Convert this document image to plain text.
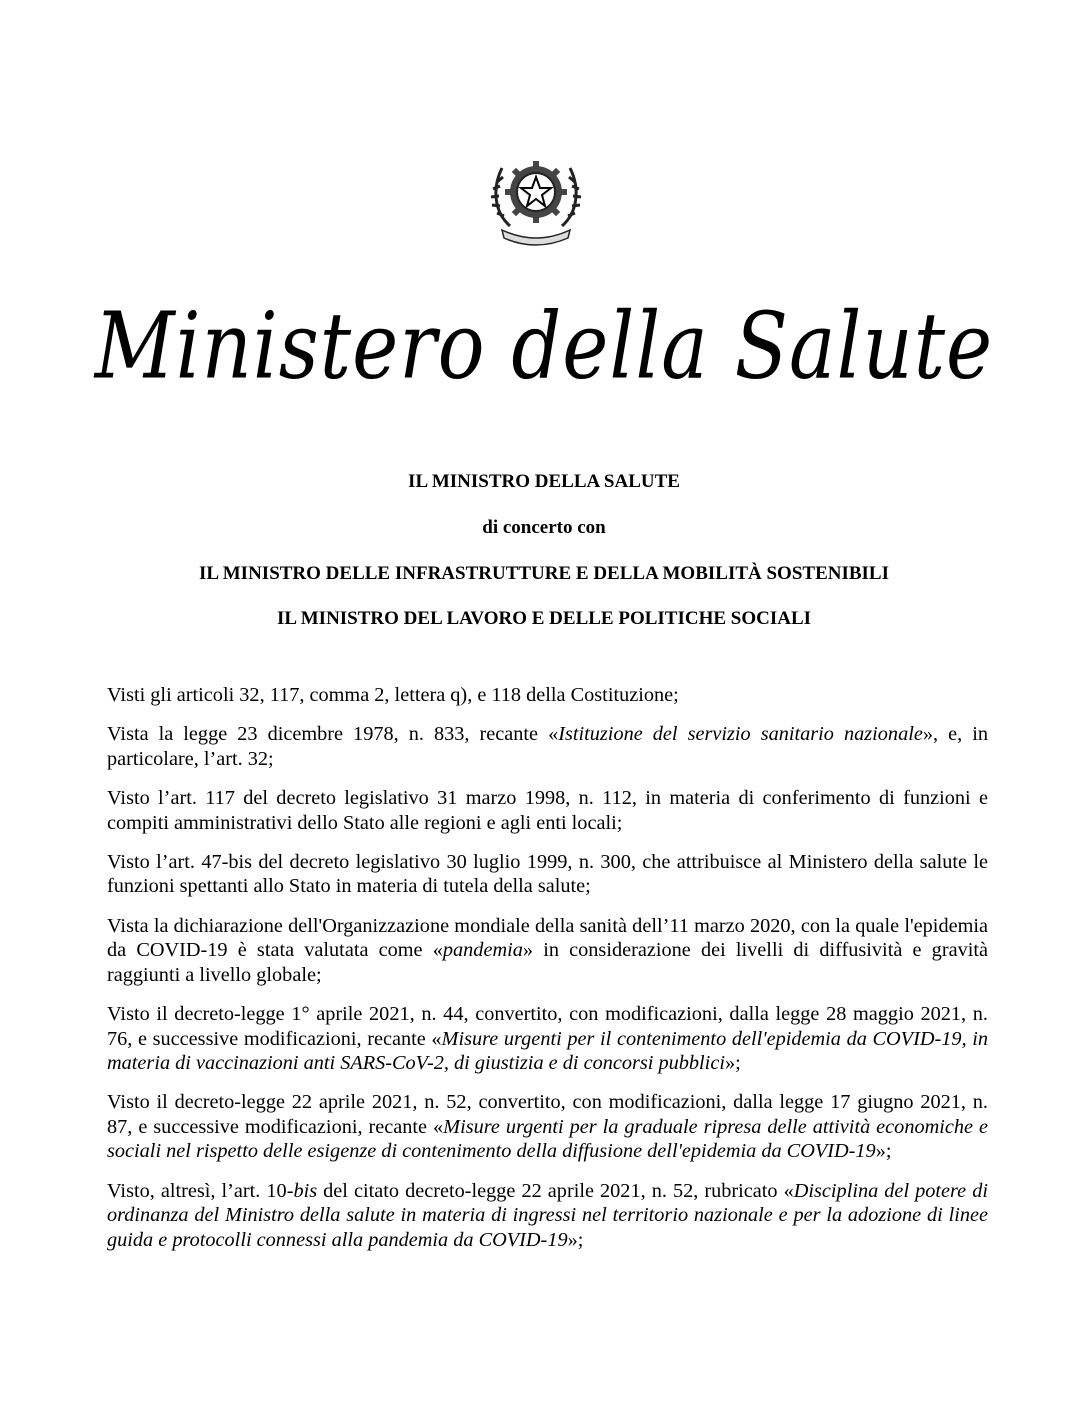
Ministero della Salute
IL MINISTRO DELLA SALUTE
di concerto con
IL MINISTRO DELLE INFRASTRUTTURE E DELLA MOBILITÀ SOSTENIBILI
IL MINISTRO DEL LAVORO E DELLE POLITICHE SOCIALI

Visti gli articoli 32, 117, comma 2, lettera q), e 118 della Costituzione;

Vista la legge 23 dicembre 1978, n. 833, recante «Istituzione del servizio sanitario nazionale», e, in particolare, l’art. 32;

Visto l’art. 117 del decreto legislativo 31 marzo 1998, n. 112, in materia di conferimento di funzioni e compiti amministrativi dello Stato alle regioni e agli enti locali;

Visto l’art. 47-bis del decreto legislativo 30 luglio 1999, n. 300, che attribuisce al Ministero della salute le funzioni spettanti allo Stato in materia di tutela della salute;

Vista la dichiarazione dell'Organizzazione mondiale della sanità dell’11 marzo 2020, con la quale l'epidemia da COVID-19 è stata valutata come «pandemia» in considerazione dei livelli di diffusività e gravità raggiunti a livello globale;

Visto il decreto-legge 1° aprile 2021, n. 44, convertito, con modificazioni, dalla legge 28 maggio 2021, n. 76, e successive modificazioni, recante «Misure urgenti per il contenimento dell'epidemia da COVID-19, in materia di vaccinazioni anti SARS-CoV-2, di giustizia e di concorsi pubblici»;

Visto il decreto-legge 22 aprile 2021, n. 52, convertito, con modificazioni, dalla legge 17 giugno 2021, n. 87, e successive modificazioni, recante «Misure urgenti per la graduale ripresa delle attività economiche e sociali nel rispetto delle esigenze di contenimento della diffusione dell'epidemia da COVID-19»;

Visto, altresì, l’art. 10-bis del citato decreto-legge 22 aprile 2021, n. 52, rubricato «Disciplina del potere di ordinanza del Ministro della salute in materia di ingressi nel territorio nazionale e per la adozione di linee guida e protocolli connessi alla pandemia da COVID-19»;
